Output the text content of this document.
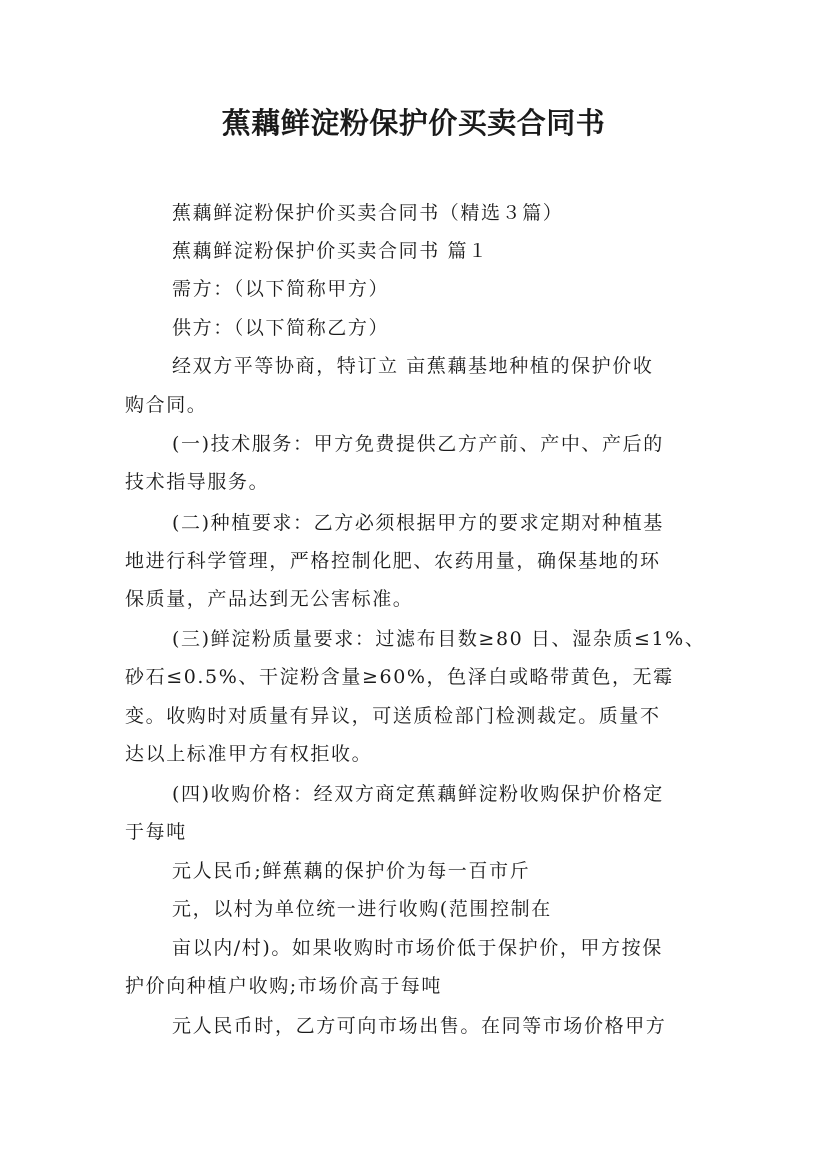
蕉藕鲜淀粉保护价买卖合同书

蕉藕鲜淀粉保护价买卖合同书（精选３篇）

蕉藕鲜淀粉保护价买卖合同书 篇１

需方：（以下简称甲方）

供方：（以下简称乙方）

经双方平等协商，特订立 亩蕉藕基地种植的保护价收

购合同。

(一)技术服务：甲方免费提供乙方产前、产中、产后的

技术指导服务。

(二)种植要求：乙方必须根据甲方的要求定期对种植基

地进行科学管理，严格控制化肥、农药用量，确保基地的环

保质量，产品达到无公害标准。

(三)鲜淀粉质量要求：过滤布目数≥80 日、湿杂质≤1%、

砂石≤0.5%、干淀粉含量≥60%，色泽白或略带黄色，无霉

变。收购时对质量有异议，可送质检部门检测裁定。质量不

达以上标准甲方有权拒收。

(四)收购价格：经双方商定蕉藕鲜淀粉收购保护价格定

于每吨

元人民币;鲜蕉藕的保护价为每一百市斤

元，以村为单位统一进行收购(范围控制在

亩以内/村)。如果收购时市场价低于保护价，甲方按保

护价向种植户收购;市场价高于每吨

元人民币时，乙方可向市场出售。在同等市场价格甲方
